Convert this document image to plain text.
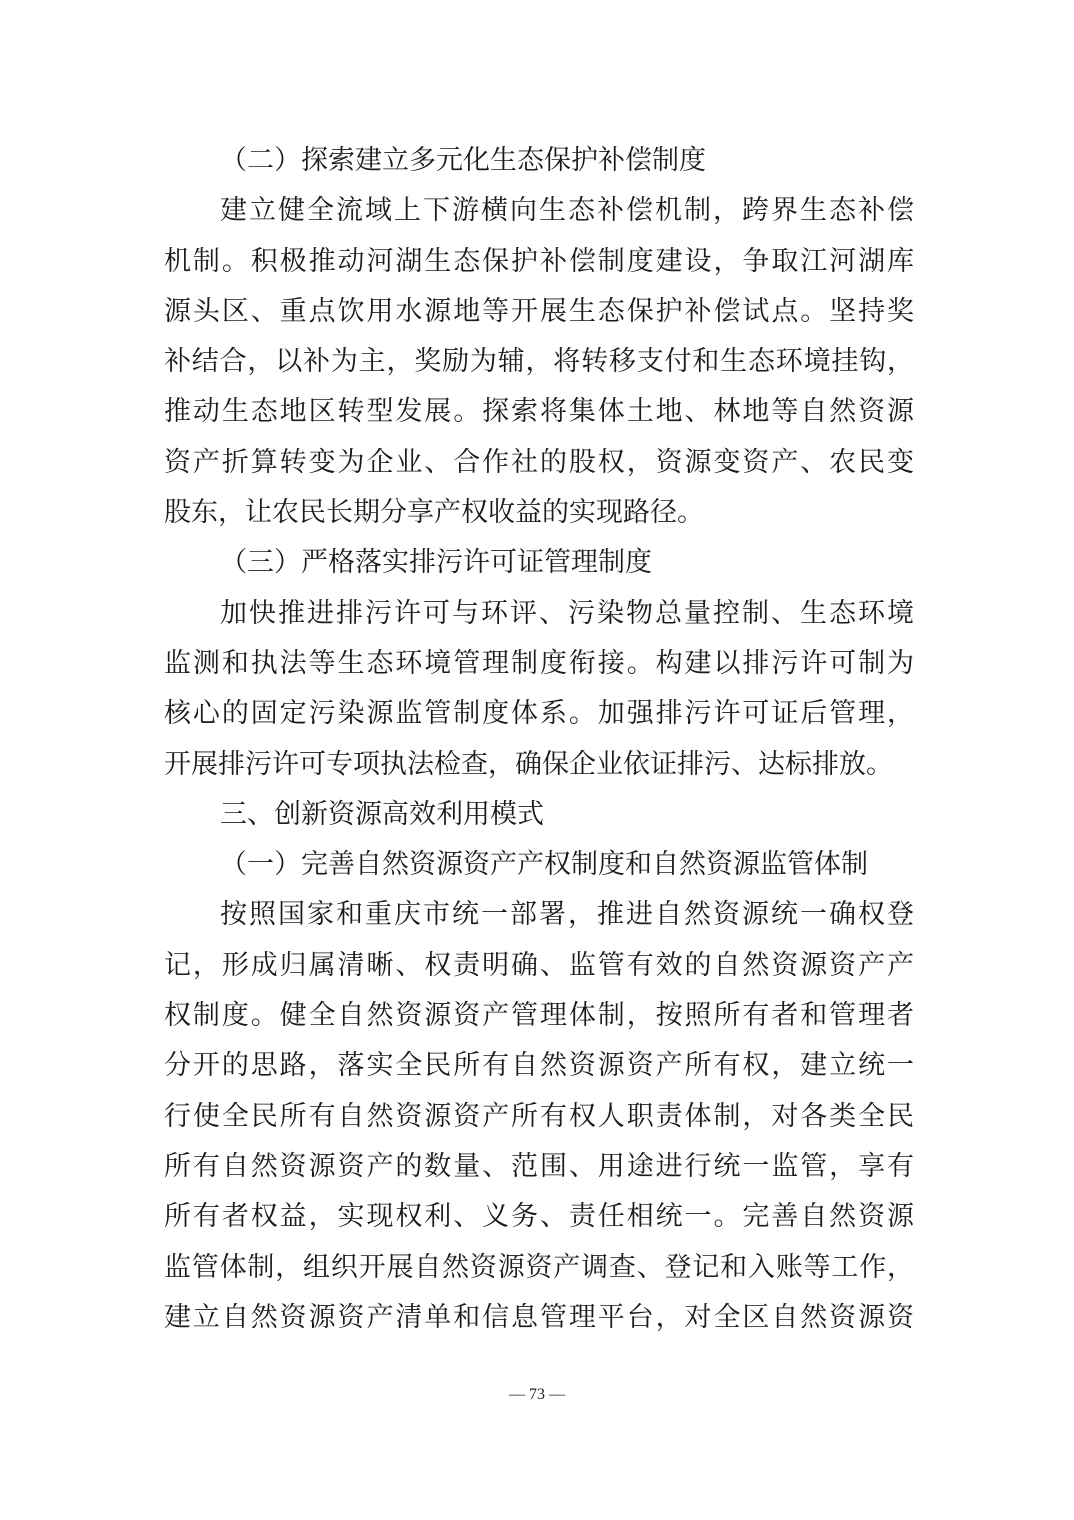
（二）探索建立多元化生态保护补偿制度
建立健全流域上下游横向生态补偿机制，跨界生态补偿
机制。积极推动河湖生态保护补偿制度建设，争取江河湖库
源头区、重点饮用水源地等开展生态保护补偿试点。坚持奖
补结合，以补为主，奖励为辅，将转移支付和生态环境挂钩，
推动生态地区转型发展。探索将集体土地、林地等自然资源
资产折算转变为企业、合作社的股权，资源变资产、农民变
股东，让农民长期分享产权收益的实现路径。
（三）严格落实排污许可证管理制度
加快推进排污许可与环评、污染物总量控制、生态环境
监测和执法等生态环境管理制度衔接。构建以排污许可制为
核心的固定污染源监管制度体系。加强排污许可证后管理，
开展排污许可专项执法检查，确保企业依证排污、达标排放。
三、创新资源高效利用模式
（一）完善自然资源资产产权制度和自然资源监管体制
按照国家和重庆市统一部署，推进自然资源统一确权登
记，形成归属清晰、权责明确、监管有效的自然资源资产产
权制度。健全自然资源资产管理体制，按照所有者和管理者
分开的思路，落实全民所有自然资源资产所有权，建立统一
行使全民所有自然资源资产所有权人职责体制，对各类全民
所有自然资源资产的数量、范围、用途进行统一监管，享有
所有者权益，实现权利、义务、责任相统一。完善自然资源
监管体制，组织开展自然资源资产调查、登记和入账等工作，
建立自然资源资产清单和信息管理平台，对全区自然资源资
— 73 —
